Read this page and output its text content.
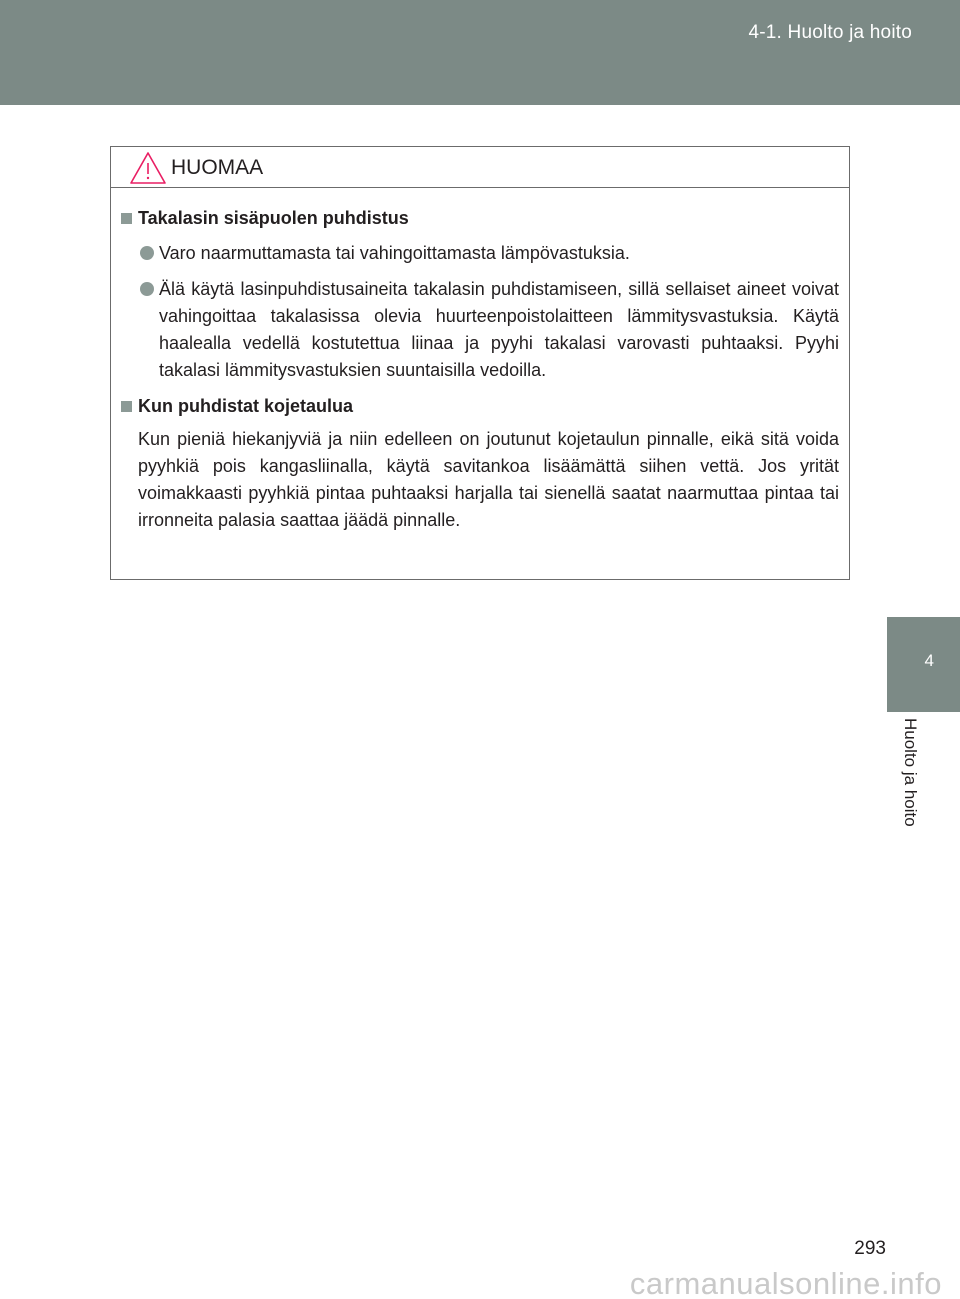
4-1. Huolto ja hoito
4
Huolto ja hoito
HUOMAA
Takalasin sisäpuolen puhdistus
Varo naarmuttamasta tai vahingoittamasta lämpövastuksia.
Älä käytä lasinpuhdistusaineita takalasin puhdistamiseen, sillä sellaiset aineet voivat vahingoittaa takalasissa olevia huurteenpoistolaitteen lämmitysvastuksia. Käytä haalealla vedellä kostutettua liinaa ja pyyhi takalasi varovasti puhtaaksi. Pyyhi takalasi lämmitysvastuksien suuntaisilla vedoilla.
Kun puhdistat kojetaulua

Kun pieniä hiekanjyviä ja niin edelleen on joutunut kojetaulun pinnalle, eikä sitä voida pyyhkiä pois kangasliinalla, käytä savitankoa lisäämättä siihen vettä. Jos yrität voimakkaasti pyyhkiä pintaa puhtaaksi harjalla tai sienellä saatat naarmuttaa pintaa tai irronneita palasia saattaa jäädä pinnalle.

293
carmanualsonline.info
